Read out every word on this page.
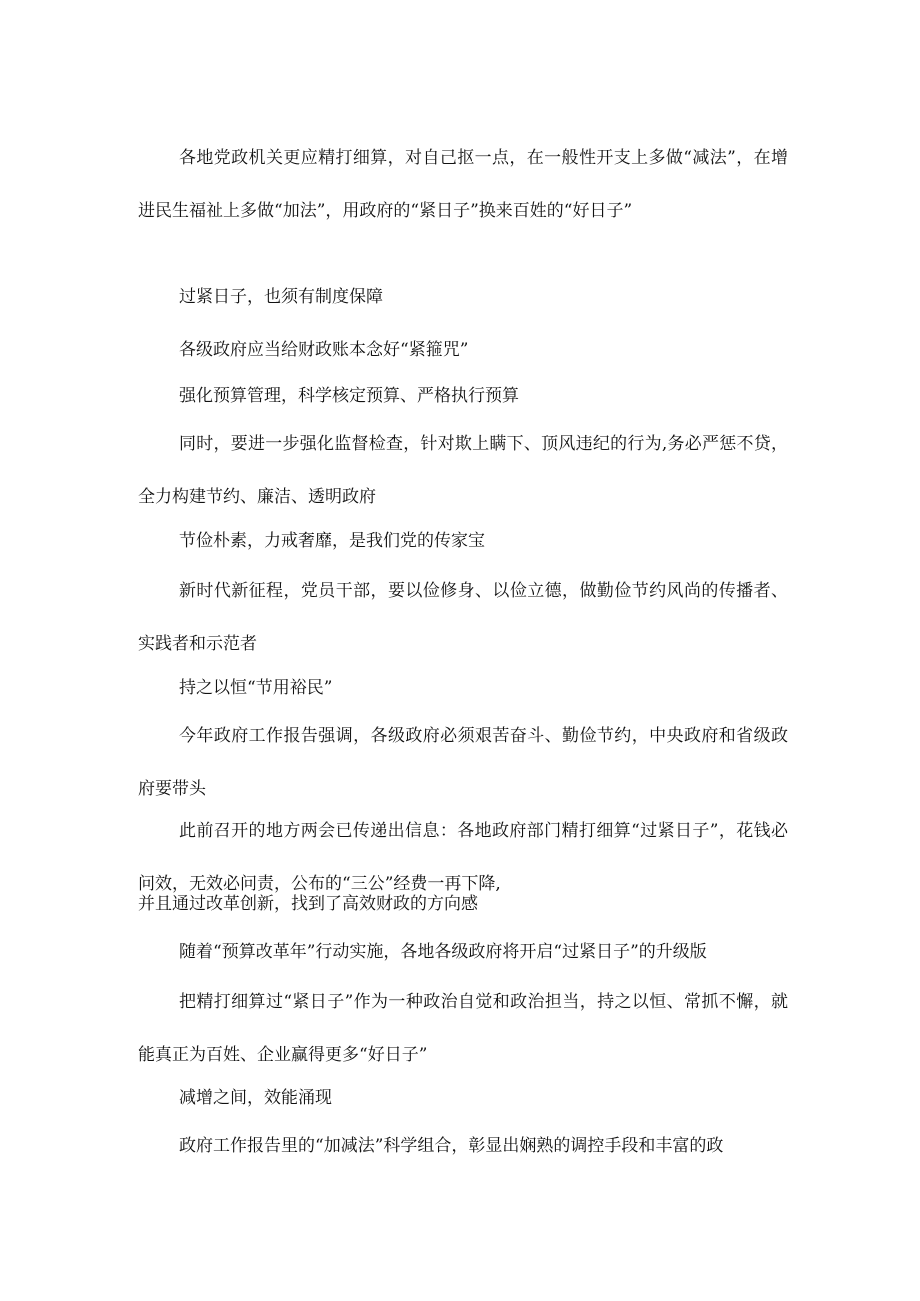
各地党政机关更应精打细算，对自己抠一点，在一般性开支上多做“减法”，在增进民生福祉上多做“加法”，用政府的“紧日子”换来百姓的“好日子”

过紧日子，也须有制度保障

各级政府应当给财政账本念好“紧箍咒”

强化预算管理，科学核定预算、严格执行预算

同时，要进一步强化监督检查，针对欺上瞒下、顶风违纪的行为,务必严惩不贷，全力构建节约、廉洁、透明政府

节俭朴素，力戒奢靡，是我们党的传家宝

新时代新征程，党员干部，要以俭修身、以俭立德，做勤俭节约风尚的传播者、实践者和示范者

持之以恒“节用裕民”

今年政府工作报告强调，各级政府必须艰苦奋斗、勤俭节约，中央政府和省级政府要带头

此前召开的地方两会已传递出信息：各地政府部门精打细算“过紧日子”，花钱必问效，无效必问责，公布的“三公”经费一再下降,

并且通过改革创新，找到了高效财政的方向感

随着“预算改革年”行动实施，各地各级政府将开启“过紧日子”的升级版

把精打细算过“紧日子”作为一种政治自觉和政治担当，持之以恒、常抓不懈，就能真正为百姓、企业赢得更多“好日子”

减增之间，效能涌现

政府工作报告里的“加减法”科学组合，彰显出娴熟的调控手段和丰富的政
